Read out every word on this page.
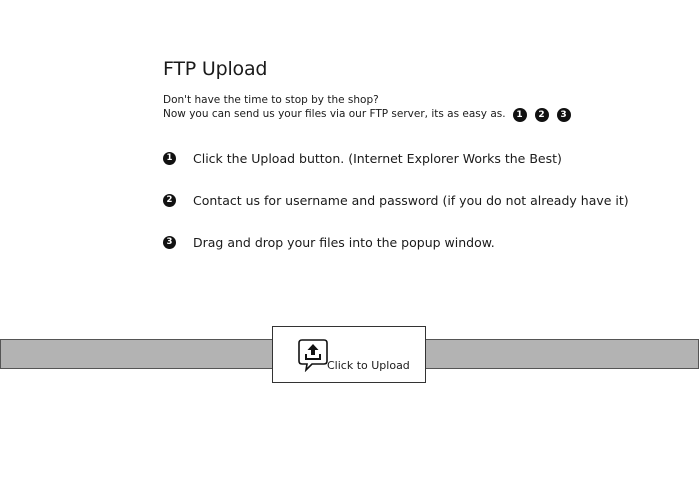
FTP Upload
Don't have the time to stop by the shop?
Now you can send us your files via our FTP server, its as easy as.	1	2	3
1 Click the Upload button. (Internet Explorer Works the Best)
2 Contact us for username and password (if you do not already have it)
3 Drag and drop your files into the popup window.
Click to Upload
